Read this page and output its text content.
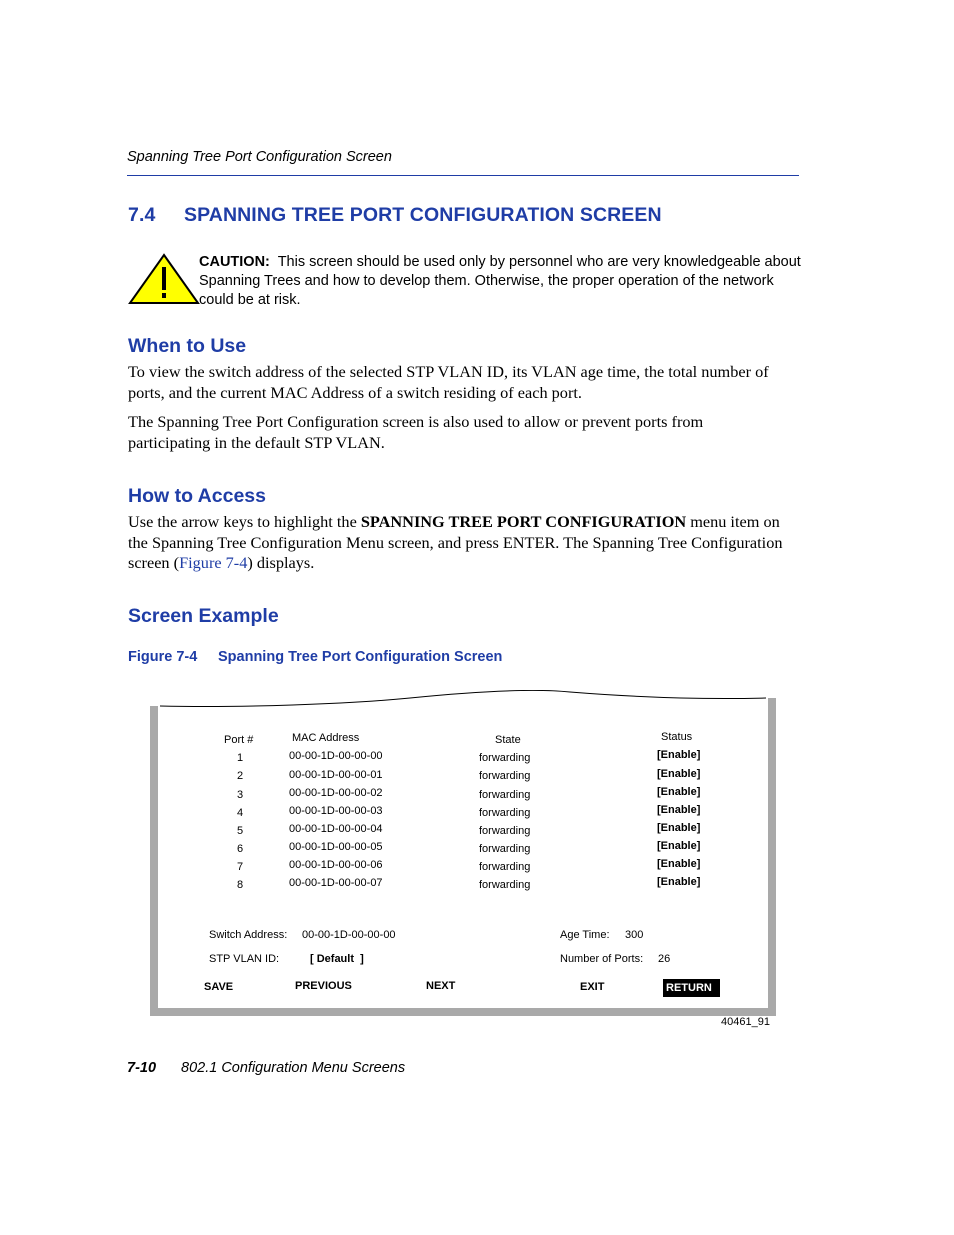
Spanning Tree Port Configuration Screen
7.4 SPANNING TREE PORT CONFIGURATION SCREEN
CAUTION: This screen should be used only by personnel who are very knowledgeable about Spanning Trees and how to develop them. Otherwise, the proper operation of the network could be at risk.
When to Use

To view the switch address of the selected STP VLAN ID, its VLAN age time, the total number of ports, and the current MAC Address of a switch residing of each port.

The Spanning Tree Port Configuration screen is also used to allow or prevent ports from participating in the default STP VLAN.

How to Access

Use the arrow keys to highlight the SPANNING TREE PORT CONFIGURATION menu item on the Spanning Tree Configuration Menu screen, and press ENTER. The Spanning Tree Configuration screen (Figure 7-4) displays.

Screen Example
Figure 7-4 Spanning Tree Port Configuration Screen
Port #	MAC Address	State	Status
1	00-00-1D-00-00-00	forwarding	[Enable]
2	00-00-1D-00-00-01	forwarding	[Enable]
3	00-00-1D-00-00-02	forwarding	[Enable]
4	00-00-1D-00-00-03	forwarding	[Enable]
5	00-00-1D-00-00-04	forwarding	[Enable]
6	00-00-1D-00-00-05	forwarding	[Enable]
7	00-00-1D-00-00-06	forwarding	[Enable]
8	00-00-1D-00-00-07	forwarding	[Enable]
Switch Address: 00-00-1D-00-00-00	Age Time: 300
STP VLAN ID:	[ Default  ]	Number of Ports: 26
SAVE	PREVIOUS	NEXT	EXIT	RETURN
40461_91
7-10 802.1 Configuration Menu Screens
